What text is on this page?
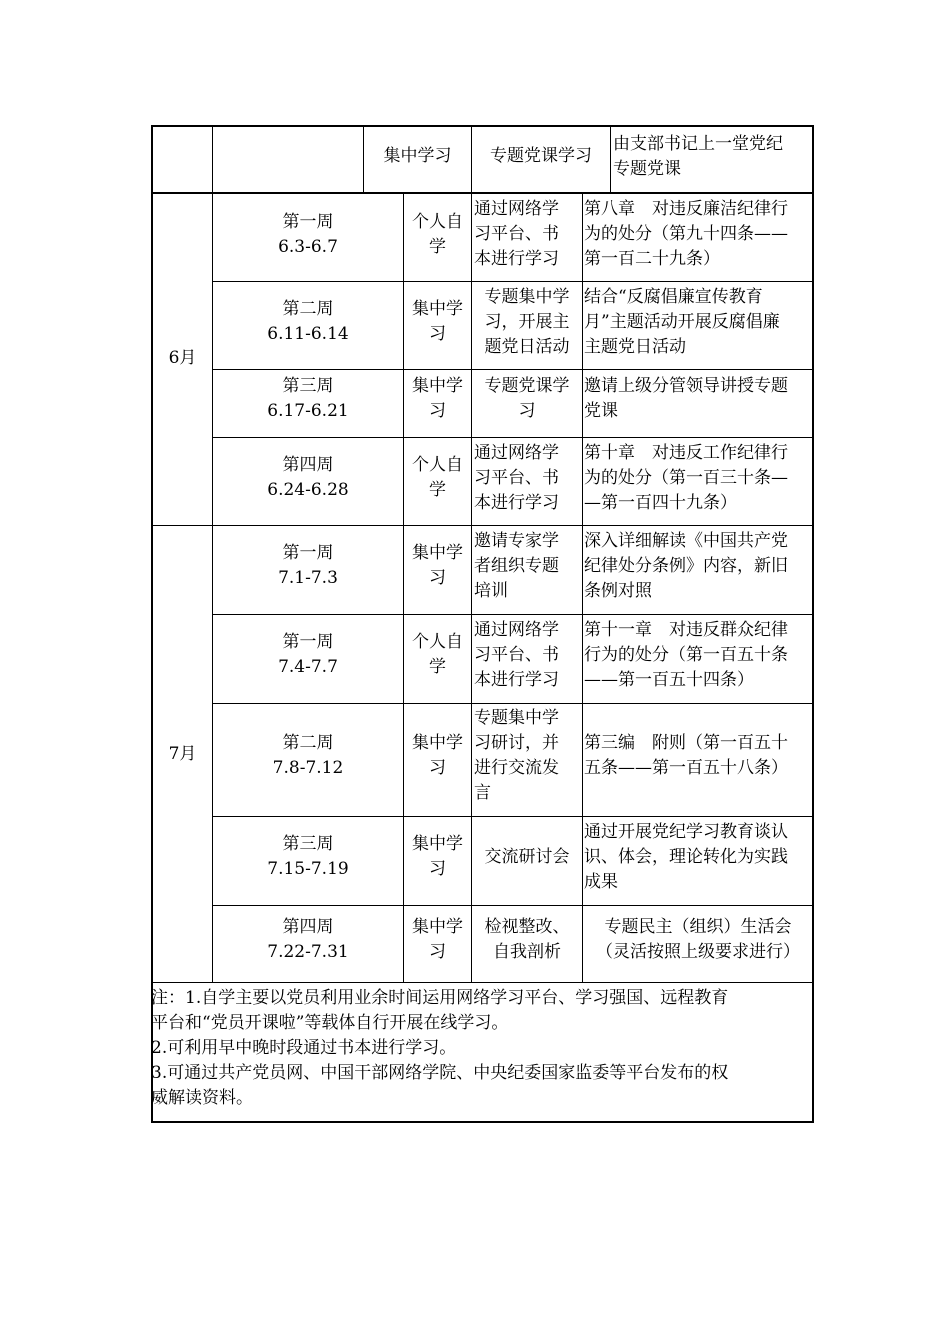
集中学习	专题党课学习
由支部书记上一堂党纪
专题党课
6月
7月
第一周
6.3-6.7
个人自
学
通过网络学
习平台、书
本进行学习
第八章　对违反廉洁纪律行
为的处分（第九十四条——
第一百二十九条）
第二周
6.11-6.14
集中学
习
专题集中学
习，开展主
题党日活动
结合“反腐倡廉宣传教育
月”主题活动开展反腐倡廉
主题党日活动
第三周
6.17-6.21
集中学
习
专题党课学
习
邀请上级分管领导讲授专题
党课
第四周
6.24-6.28
个人自
学
通过网络学
习平台、书
本进行学习
第十章　对违反工作纪律行
为的处分（第一百三十条—
—第一百四十九条）
第一周
7.1-7.3
集中学
习
邀请专家学
者组织专题
培训
深入详细解读《中国共产党
纪律处分条例》内容，新旧
条例对照
第一周
7.4-7.7
个人自
学
通过网络学
习平台、书
本进行学习
第十一章　对违反群众纪律
行为的处分（第一百五十条
——第一百五十四条）
第二周
7.8-7.12
集中学
习
专题集中学
习研讨，并
进行交流发
言
第三编　附则（第一百五十
五条——第一百五十八条）
第三周
7.15-7.19
集中学
习
交流研讨会
通过开展党纪学习教育谈认
识、体会，理论转化为实践
成果
第四周
7.22-7.31
集中学
习
检视整改、
自我剖析
专题民主（组织）生活会
（灵活按照上级要求进行）
注：1.自学主要以党员利用业余时间运用网络学习平台、学习强国、远程教育
平台和“党员开课啦”等载体自行开展在线学习。
2.可利用早中晚时段通过书本进行学习。
3.可通过共产党员网、中国干部网络学院、中央纪委国家监委等平台发布的权
威解读资料。
